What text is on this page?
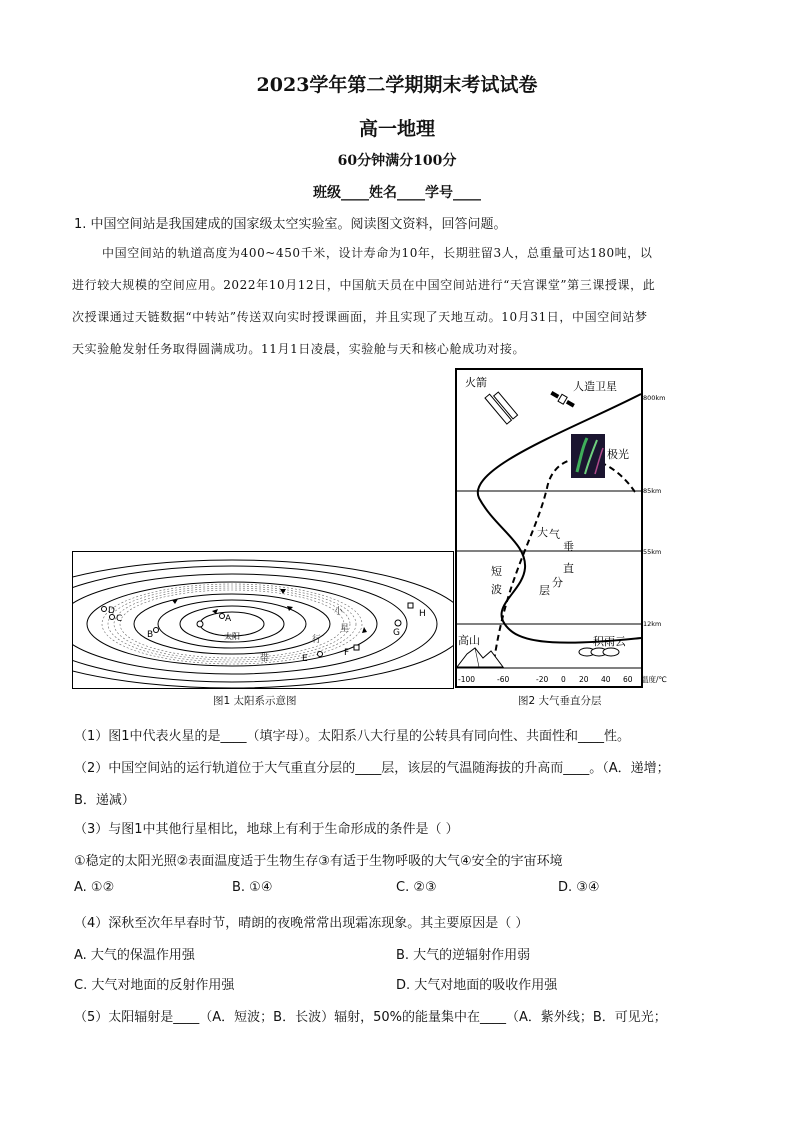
2023学年第二学期期末考试试卷
高一地理
60分钟满分100分
班级____姓名____学号____
1. 中国空间站是我国建成的国家级太空实验室。阅读图文资料，回答问题。
中国空间站的轨道高度为400~450千米，设计寿命为10年，长期驻留3人，总重量可达180吨，以
进行较大规模的空间应用。2022年10月12日，中国航天员在中国空间站进行“天宫课堂”第三课授课，此
次授课通过天链数据“中转站”传送双向实时授课画面，并且实现了天地互动。10月31日，中国空间站梦
天实验舱发射任务取得圆满成功。11月1日凌晨，实验舱与天和核心舱成功对接。
太阳
A
B
C
D
E
F
G
H
小
行
星
带
图1 太阳系示意图
800km
85km
55km
12km
火箭	人造卫星
极光
大 气
垂
直
分
层
短
波
高山	积雨云
-100	-60	-20 0 20 40 60 温度/℃
图2 大气垂直分层
（1）图1中代表火星的是____（填字母）。太阳系八大行星的公转具有同向性、共面性和____性。
（2）中国空间站的运行轨道位于大气重直分层的____层，该层的气温随海拔的升高而____。（A．递增；
B．递减）
（3）与图1中其他行星相比，地球上有利于生命形成的条件是（ ）
①稳定的太阳光照②表面温度适于生物生存③有适于生物呼吸的大气④安全的宇宙环境
A. ①②	B. ①④	C. ②③	D. ③④
（4）深秋至次年早春时节，晴朗的夜晚常常出现霜冻现象。其主要原因是（ ）
A. 大气的保温作用强	B. 大气的逆辐射作用弱
C. 大气对地面的反射作用强	D. 大气对地面的吸收作用强
（5）太阳辐射是____（A．短波；B．长波）辐射，50%的能量集中在____（A．紫外线；B．可见光；
